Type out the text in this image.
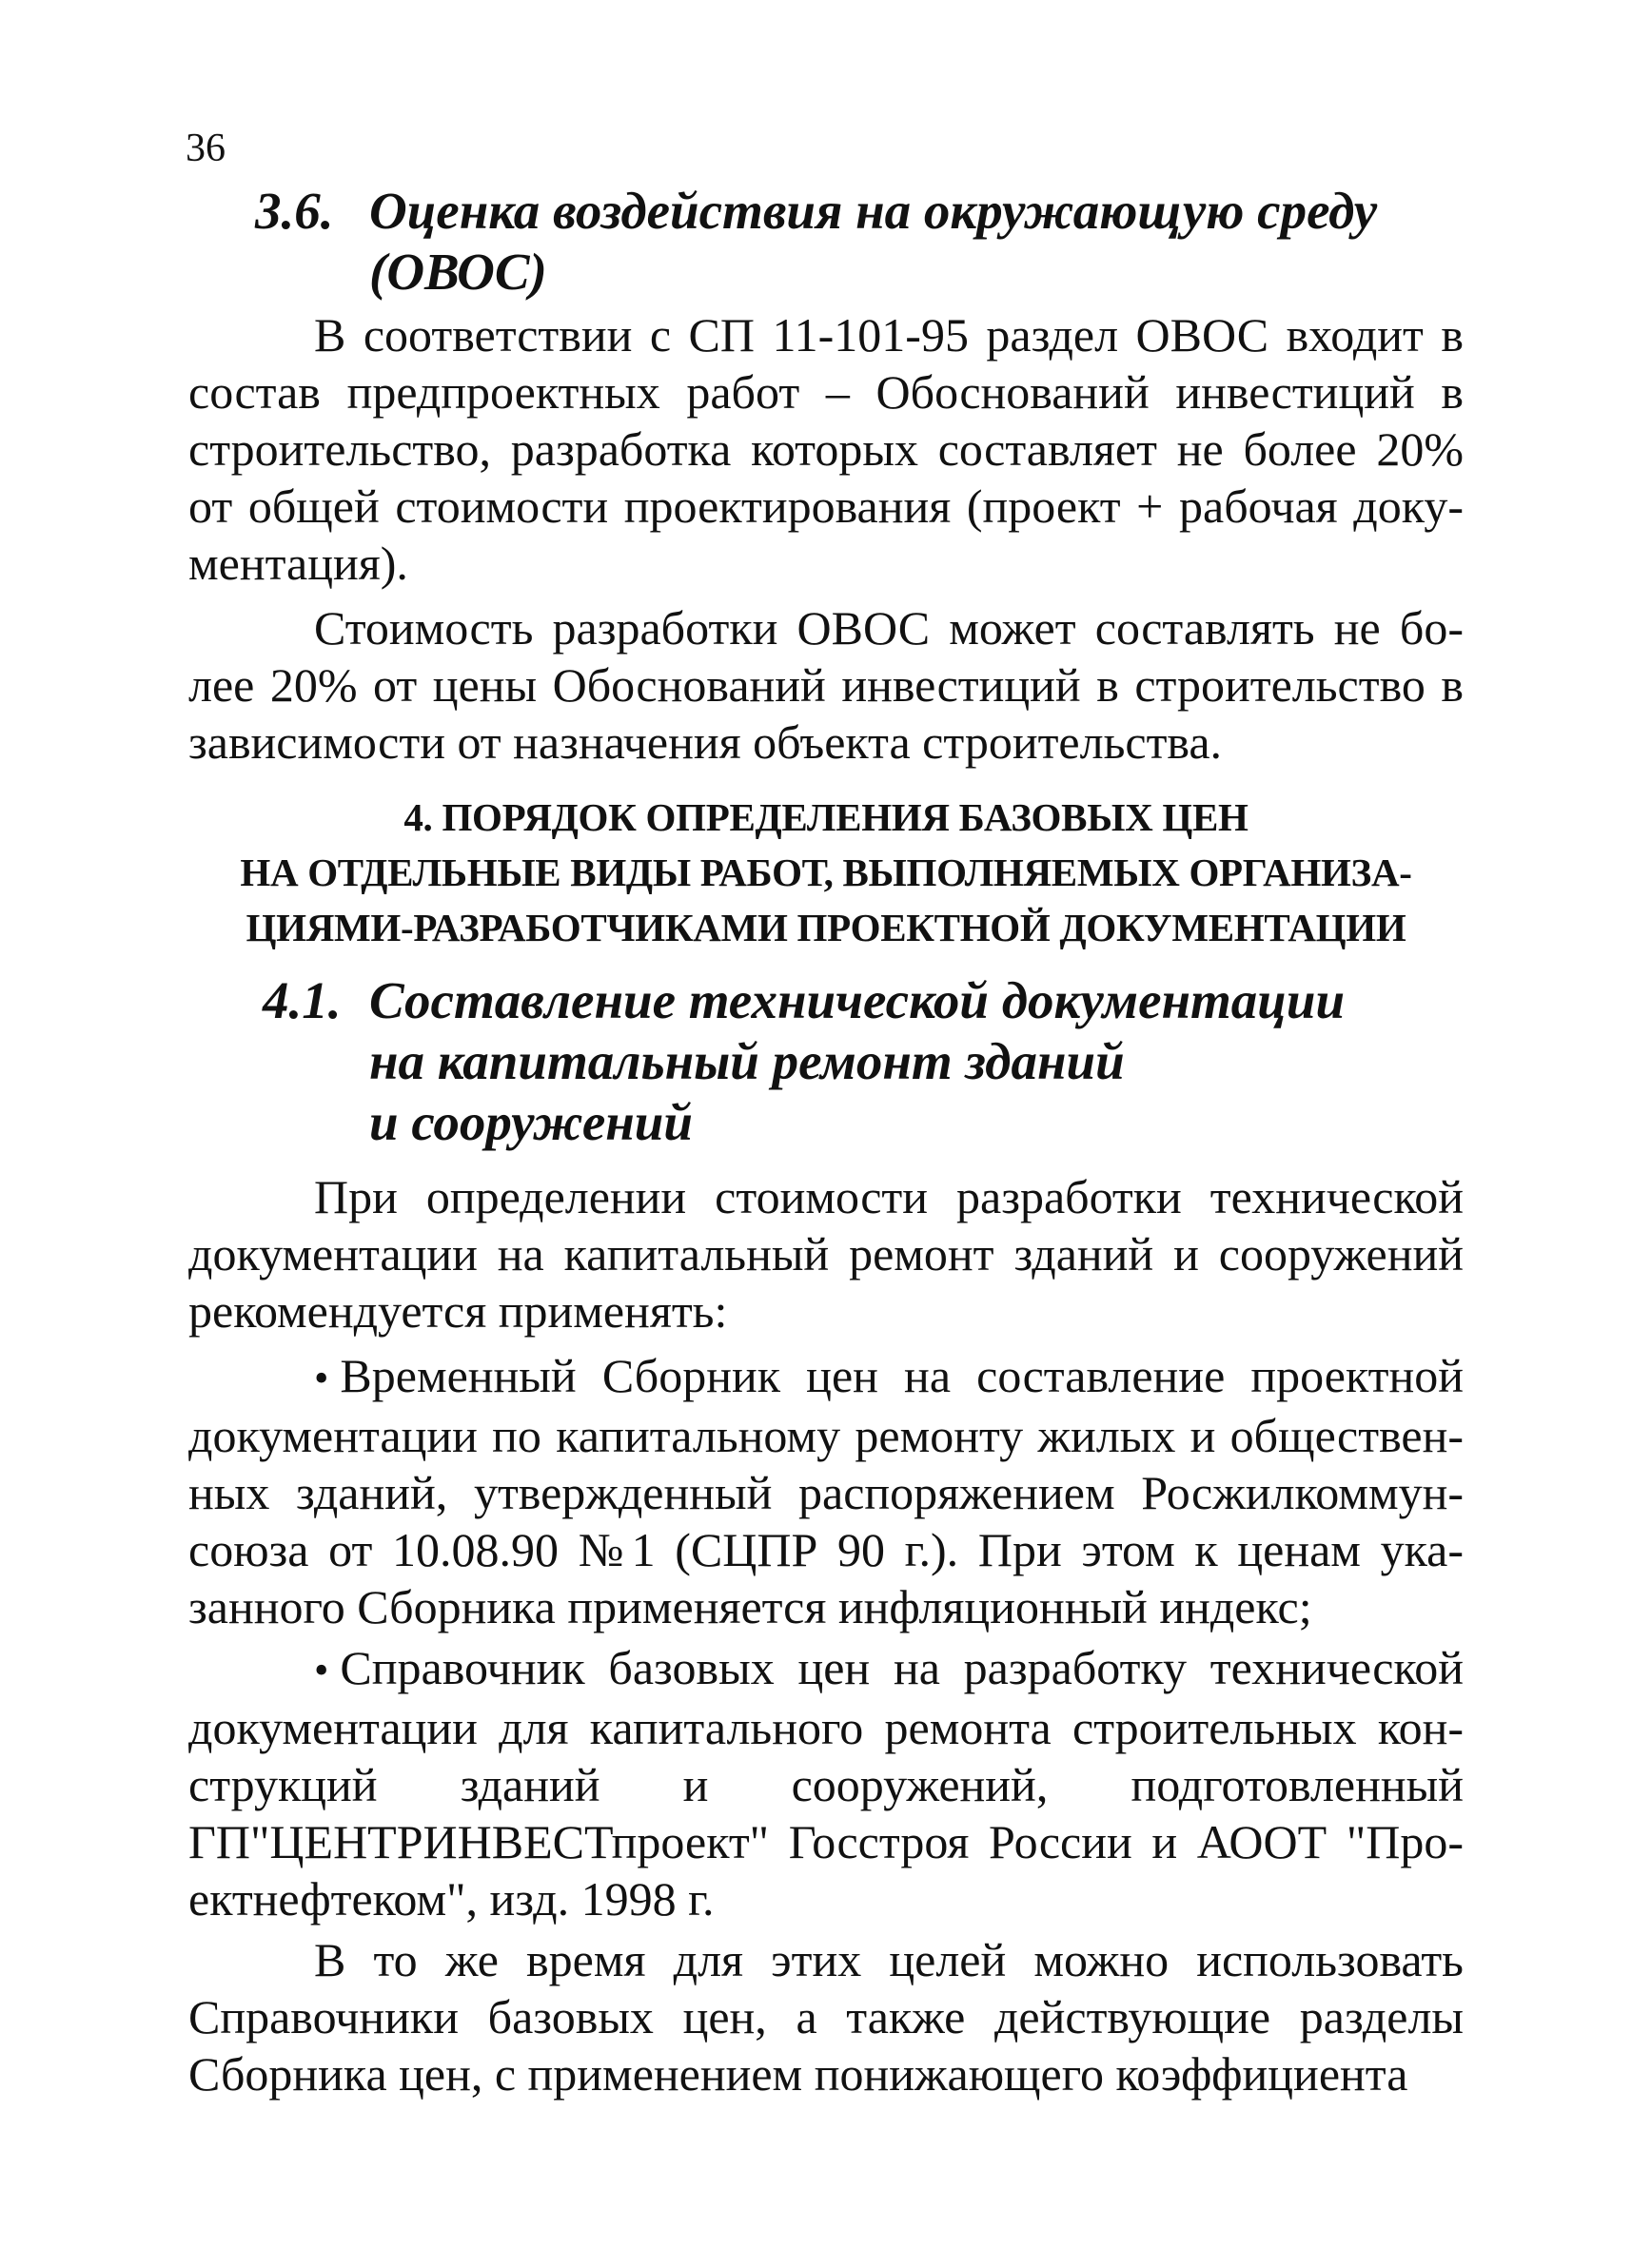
36
3.6. Оценка воздействия на окружающую среду
(ОВОС)

В соответствии с СП 11-101-95 раздел ОВОС входит в состав предпроектных работ – Обоснований инвестиций в строительство, разработка которых составляет не более 20% от общей стоимости проектирования (проект + рабочая документация).

Стоимость разработки ОВОС может составлять не более 20% от цены Обоснований инвестиций в строительство в зависимости от назначения объекта строительства.

4. ПОРЯДОК ОПРЕДЕЛЕНИЯ БАЗОВЫХ ЦЕН
НА ОТДЕЛЬНЫЕ ВИДЫ РАБОТ, ВЫПОЛНЯЕМЫХ ОРГАНИЗА-
ЦИЯМИ-РАЗРАБОТЧИКАМИ ПРОЕКТНОЙ ДОКУМЕНТАЦИИ
4.1. Составление технической документации
на капитальный ремонт зданий
и сооружений

При определении стоимости разработки технической документации на капитальный ремонт зданий и сооружений рекомендуется применять:

• Временный Сборник цен на составление проектной документации по капитальному ремонту жилых и общественных зданий, утвержденный распоряжением Росжилкоммунсоюза от 10.08.90 №1 (СЦПР 90 г.). При этом к ценам указанного Сборника применяется инфляционный индекс;

• Справочник базовых цен на разработку технической документации для капитального ремонта строительных конструкций зданий и сооружений, подготовленный ГП"ЦЕНТРИНВЕСТпроект" Госстроя России и АООТ "Проектнефтеком", изд. 1998 г.

В то же время для этих целей можно использовать Справочники базовых цен, а также действующие разделы Сборника цен, с применением понижающего коэффициента
